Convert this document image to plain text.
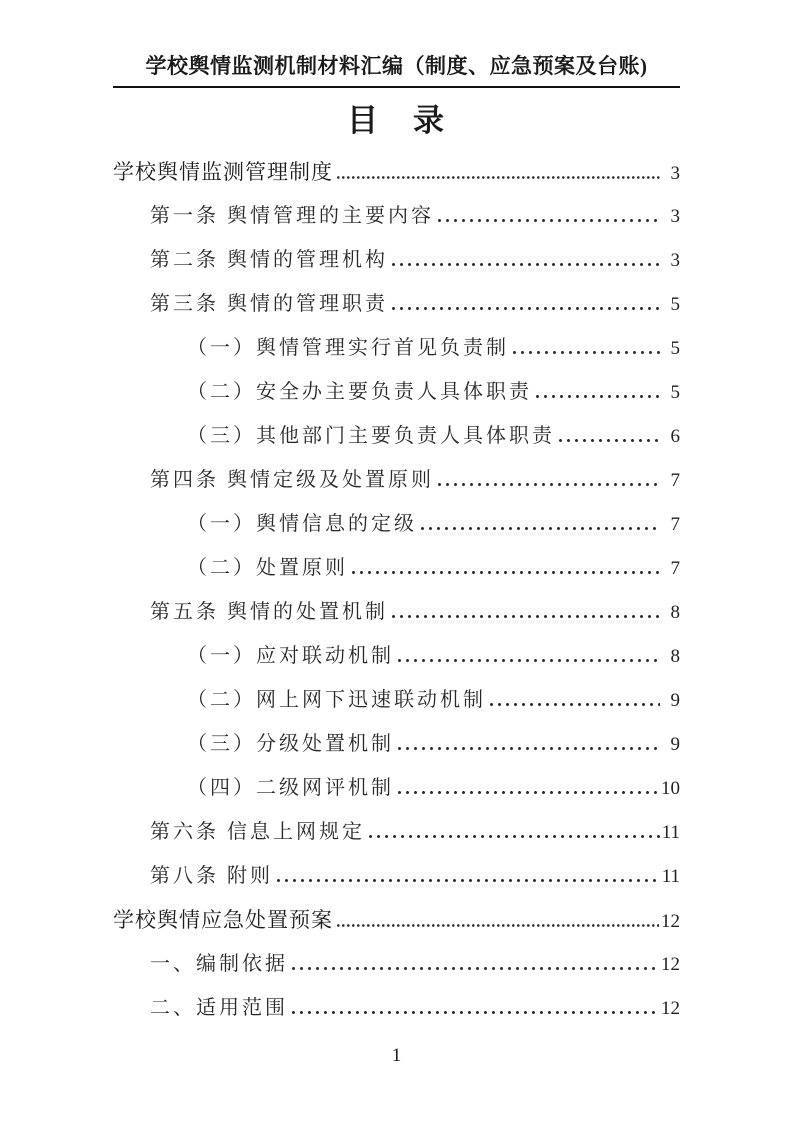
学校舆情监测机制材料汇编（制度、应急预案及台账)
目　录
学校舆情监测管理制度	3
第一条 舆情管理的主要内容	3
第二条 舆情的管理机构	3
第三条 舆情的管理职责	5
（一）舆情管理实行首见负责制	5
（二）安全办主要负责人具体职责	5
（三）其他部门主要负责人具体职责	6
第四条 舆情定级及处置原则	7
（一）舆情信息的定级	7
（二）处置原则	7
第五条 舆情的处置机制	8
（一）应对联动机制	8
（二）网上网下迅速联动机制	9
（三）分级处置机制	9
（四）二级网评机制	10
第六条 信息上网规定	11
第八条 附则	11
学校舆情应急处置预案	12
一、编制依据	12
二、适用范围	12
1
